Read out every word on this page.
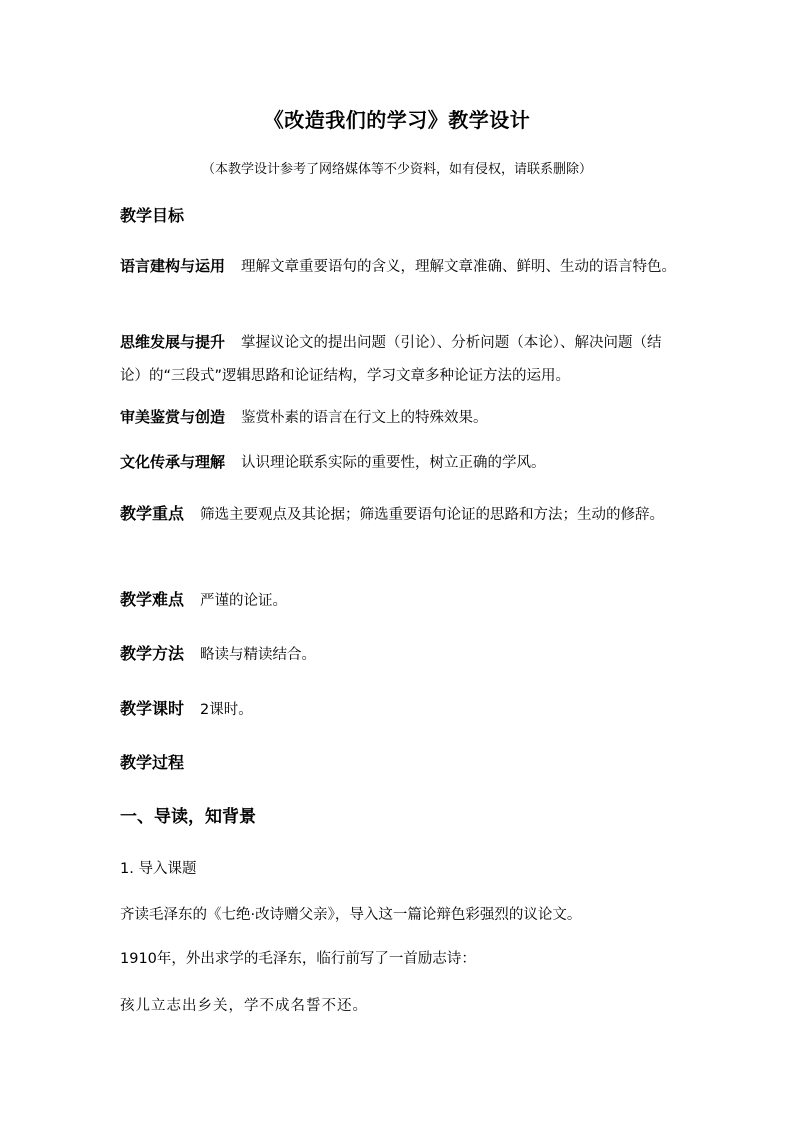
《改造我们的学习》教学设计
（本教学设计参考了网络媒体等不少资料，如有侵权，请联系删除）
教学目标
语言建构与运用 理解文章重要语句的含义，理解文章准确、鲜明、生动的语言特色。
思维发展与提升 掌握议论文的提出问题（引论）、分析问题（本论）、解决问题（结论）的“三段式”逻辑思路和论证结构，学习文章多种论证方法的运用。
审美鉴赏与创造 鉴赏朴素的语言在行文上的特殊效果。
文化传承与理解 认识理论联系实际的重要性，树立正确的学风。
教学重点 筛选主要观点及其论据；筛选重要语句论证的思路和方法；生动的修辞。
教学难点 严谨的论证。
教学方法 略读与精读结合。
教学课时 2课时。
教学过程
一、导读，知背景
1. 导入课题
齐读毛泽东的《七绝·改诗赠父亲》，导入这一篇论辩色彩强烈的议论文。
1910年，外出求学的毛泽东，临行前写了一首励志诗：
孩儿立志出乡关，学不成名誓不还。
